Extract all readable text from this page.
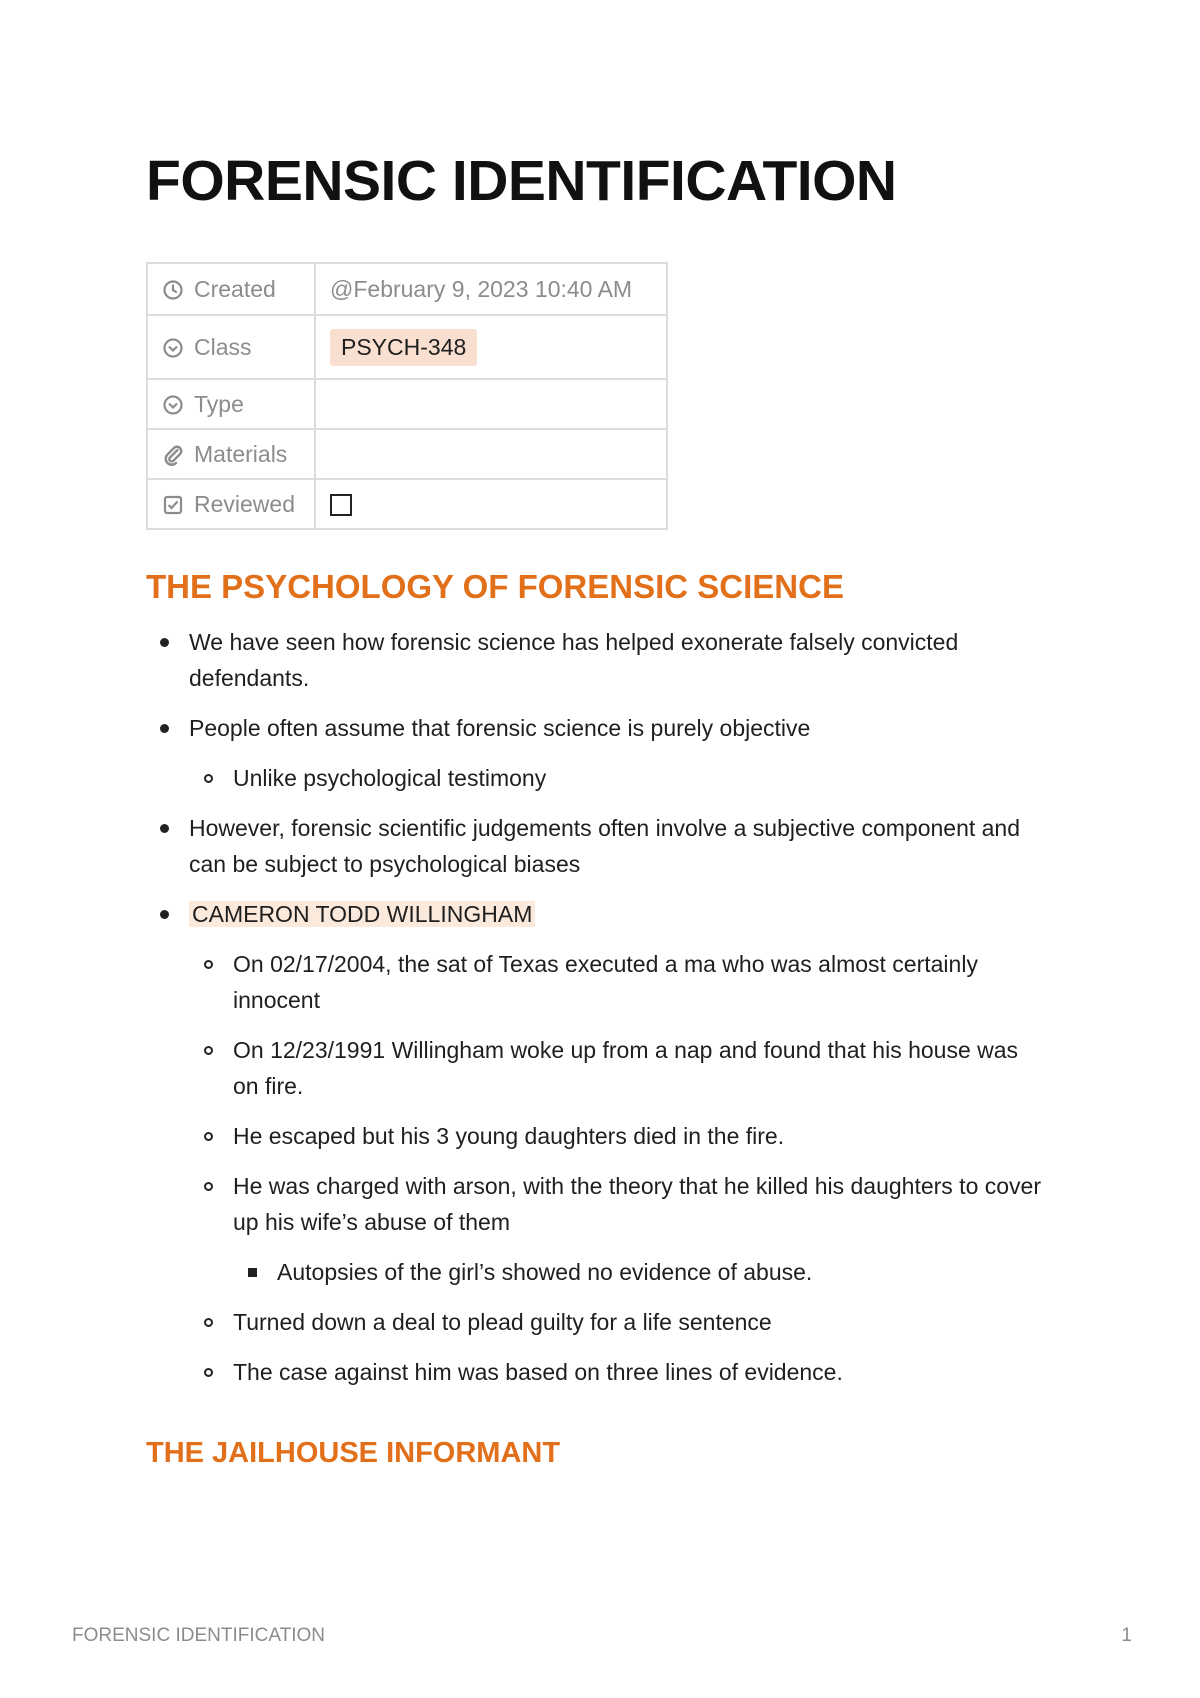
FORENSIC IDENTIFICATION
Created	@February 9, 2023 10:40 AM
Class	PSYCH-348
Type	
Materials	
Reviewed	
THE PSYCHOLOGY OF FORENSIC SCIENCE
We have seen how forensic science has helped exonerate falsely convicted defendants.
People often assume that forensic science is purely objective
Unlike psychological testimony
However, forensic scientific judgements often involve a subjective component and can be subject to psychological biases
CAMERON TODD WILLINGHAM
On 02/17/2004, the sat of Texas executed a ma who was almost certainly innocent
On 12/23/1991 Willingham woke up from a nap and found that his house was on fire.
He escaped but his 3 young daughters died in the fire.
He was charged with arson, with the theory that he killed his daughters to cover up his wife’s abuse of them
Autopsies of the girl’s showed no evidence of abuse.
Turned down a deal to plead guilty for a life sentence
The case against him was based on three lines of evidence.
THE JAILHOUSE INFORMANT
FORENSIC IDENTIFICATION	1
